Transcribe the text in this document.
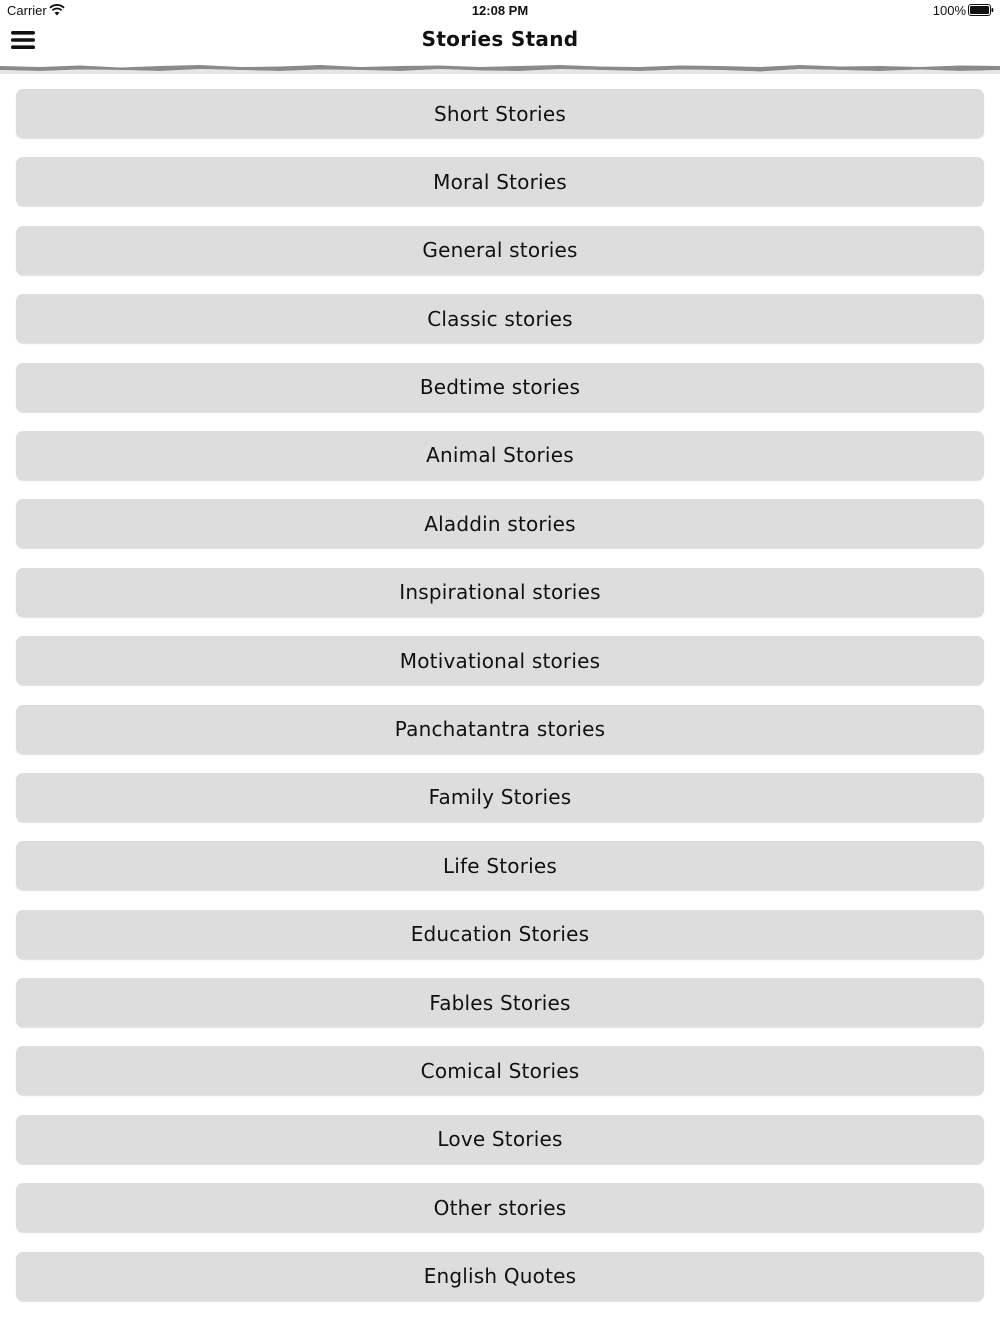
Carrier	12:08 PM	100%
Stories Stand
Short Stories
Moral Stories
General stories
Classic stories
Bedtime stories
Animal Stories
Aladdin stories
Inspirational stories
Motivational stories
Panchatantra stories
Family Stories
Life Stories
Education Stories
Fables Stories
Comical Stories
Love Stories
Other stories
English Quotes
